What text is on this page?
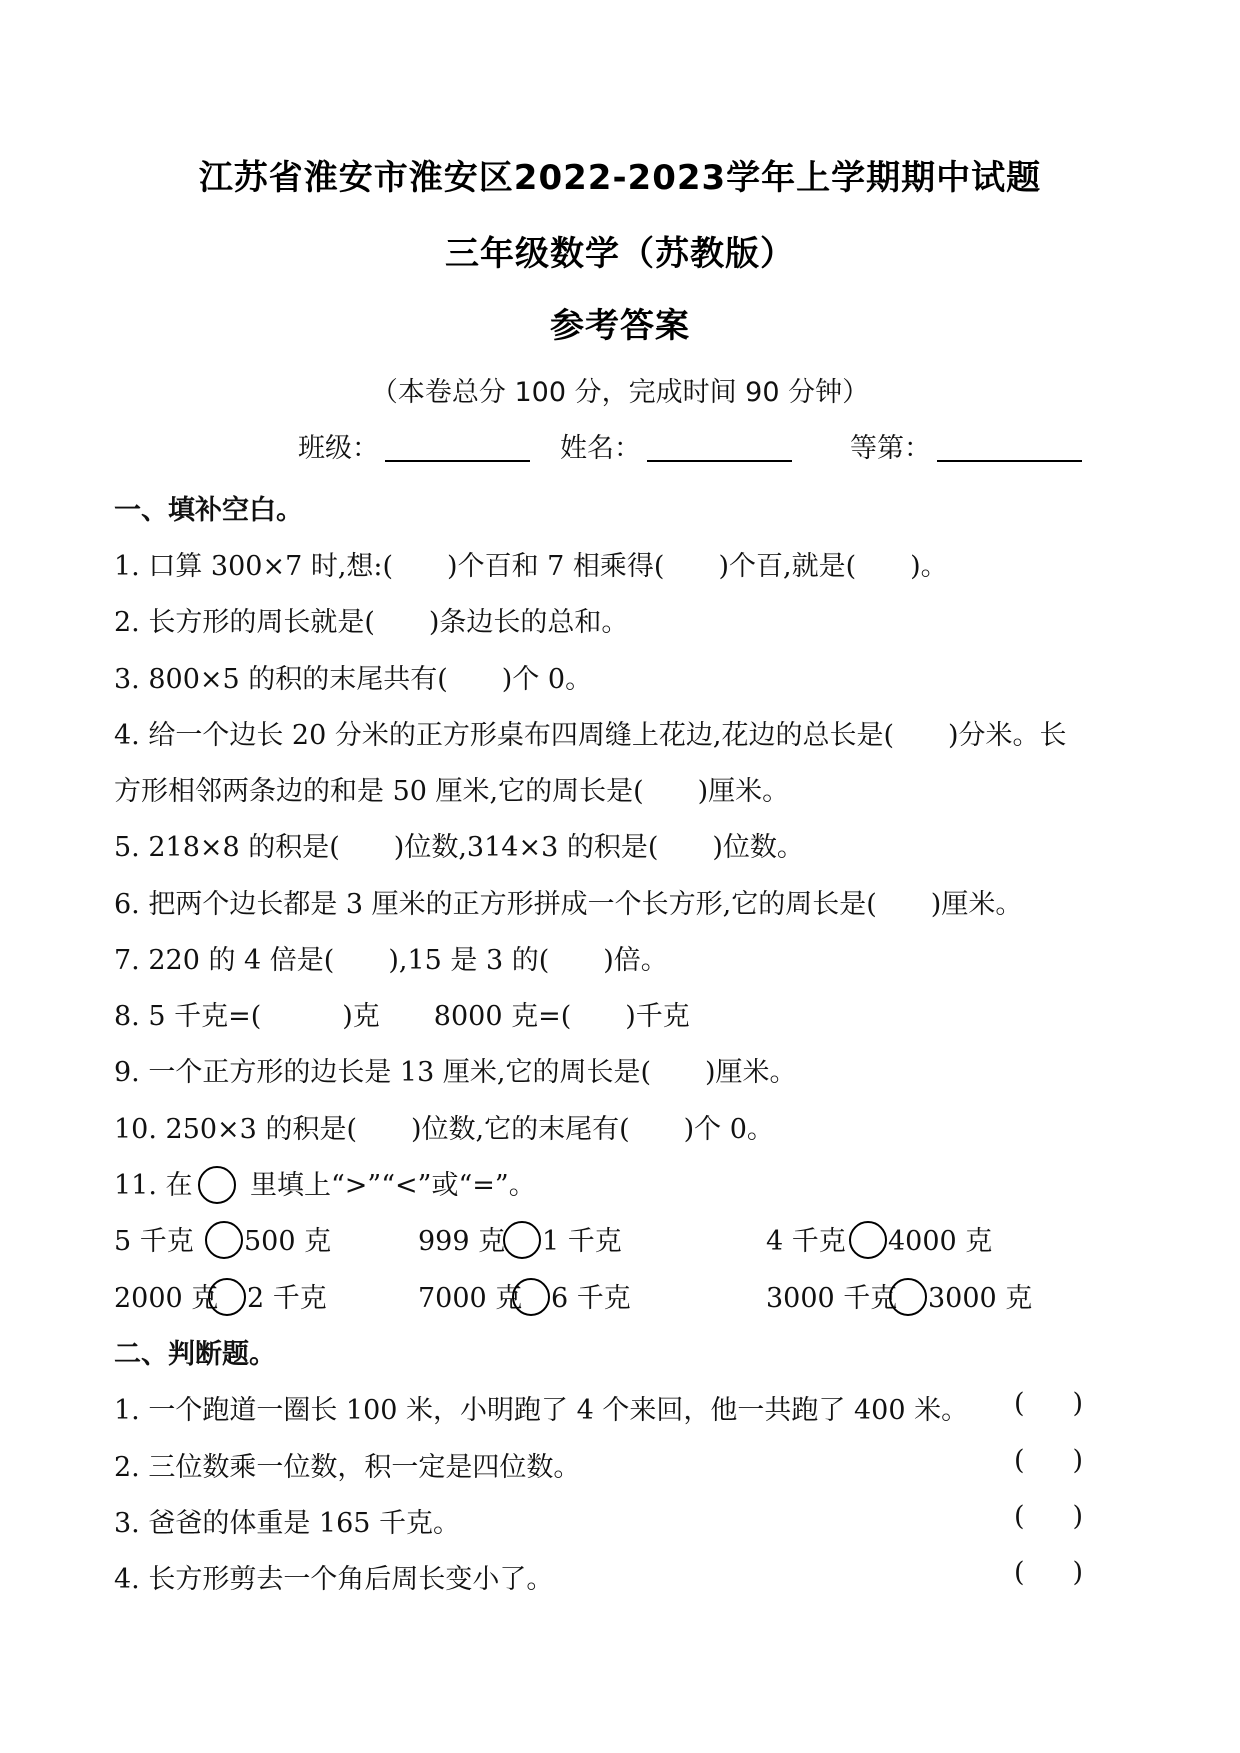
江苏省淮安市淮安区2022-2023学年上学期期中试题
三年级数学（苏教版）
参考答案
（本卷总分 100 分，完成时间 90 分钟）
班级：	姓名：	等第：
一、填补空白。
1. 口算 300×7 时,想:(　　)个百和 7 相乘得(　　)个百,就是(　　)。
2. 长方形的周长就是(　　)条边长的总和。
3. 800×5 的积的末尾共有(　　)个 0。
4. 给一个边长 20 分米的正方形桌布四周缝上花边,花边的总长是(　　)分米。长
方形相邻两条边的和是 50 厘米,它的周长是(　　)厘米。
5. 218×8 的积是(　　)位数,314×3 的积是(　　)位数。
6. 把两个边长都是 3 厘米的正方形拼成一个长方形,它的周长是(　　)厘米。
7. 220 的 4 倍是(　　),15 是 3 的(　　)倍。
8. 5 千克=(　　　)克　　8000 克=(　　)千克
9. 一个正方形的边长是 13 厘米,它的周长是(　　)厘米。
10. 250×3 的积是(　　)位数,它的末尾有(　　)个 0。
11. 在 里填上“>”“<”或“=”。
5 千克 500 克	999 克 1 千克	4 千克 4000 克
2000 克 2 千克	7000 克 6 千克	3000 千克 3000 克
二、判断题。
1. 一个跑道一圈长 100 米，小明跑了 4 个来回，他一共跑了 400 米。 ()
2. 三位数乘一位数，积一定是四位数。	()
3. 爸爸的体重是 165 千克。	()
4. 长方形剪去一个角后周长变小了。	()
